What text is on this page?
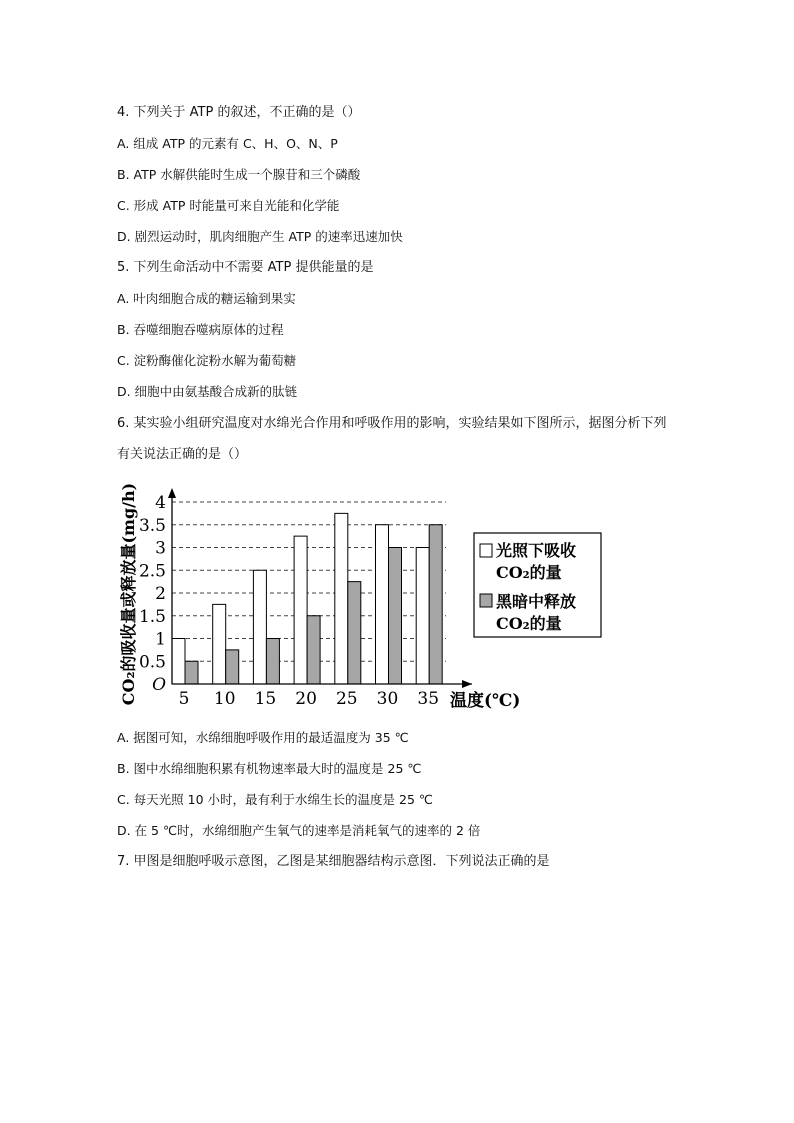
4. 下列关于 ATP 的叙述，不正确的是（）

A. 组成 ATP 的元素有 C、H、O、N、P

B. ATP 水解供能时生成一个腺苷和三个磷酸

C. 形成 ATP 时能量可来自光能和化学能

D. 剧烈运动时，肌肉细胞产生 ATP 的速率迅速加快

5. 下列生命活动中不需要 ATP 提供能量的是

A. 叶肉细胞合成的糖运输到果实

B. 吞噬细胞吞噬病原体的过程

C. 淀粉酶催化淀粉水解为葡萄糖

D. 细胞中由氨基酸合成新的肽链

6. 某实验小组研究温度对水绵光合作用和呼吸作用的影响，实验结果如下图所示，据图分析下列

有关说法正确的是（）

O
0.5
1
1.5
2
2.5
3
3.5
4
5 10 15 20 25 30 35 温度(℃)
CO₂的吸收量或释放量(mg/h)	光照下吸收
CO₂的量
黑暗中释放
CO₂的量

A. 据图可知，水绵细胞呼吸作用的最适温度为 35 ℃

B. 图中水绵细胞积累有机物速率最大时的温度是 25 ℃

C. 每天光照 10 小时，最有利于水绵生长的温度是 25 ℃

D. 在 5 ℃时，水绵细胞产生氧气的速率是消耗氧气的速率的 2 倍

7. 甲图是细胞呼吸示意图，乙图是某细胞器结构示意图．下列说法正确的是
